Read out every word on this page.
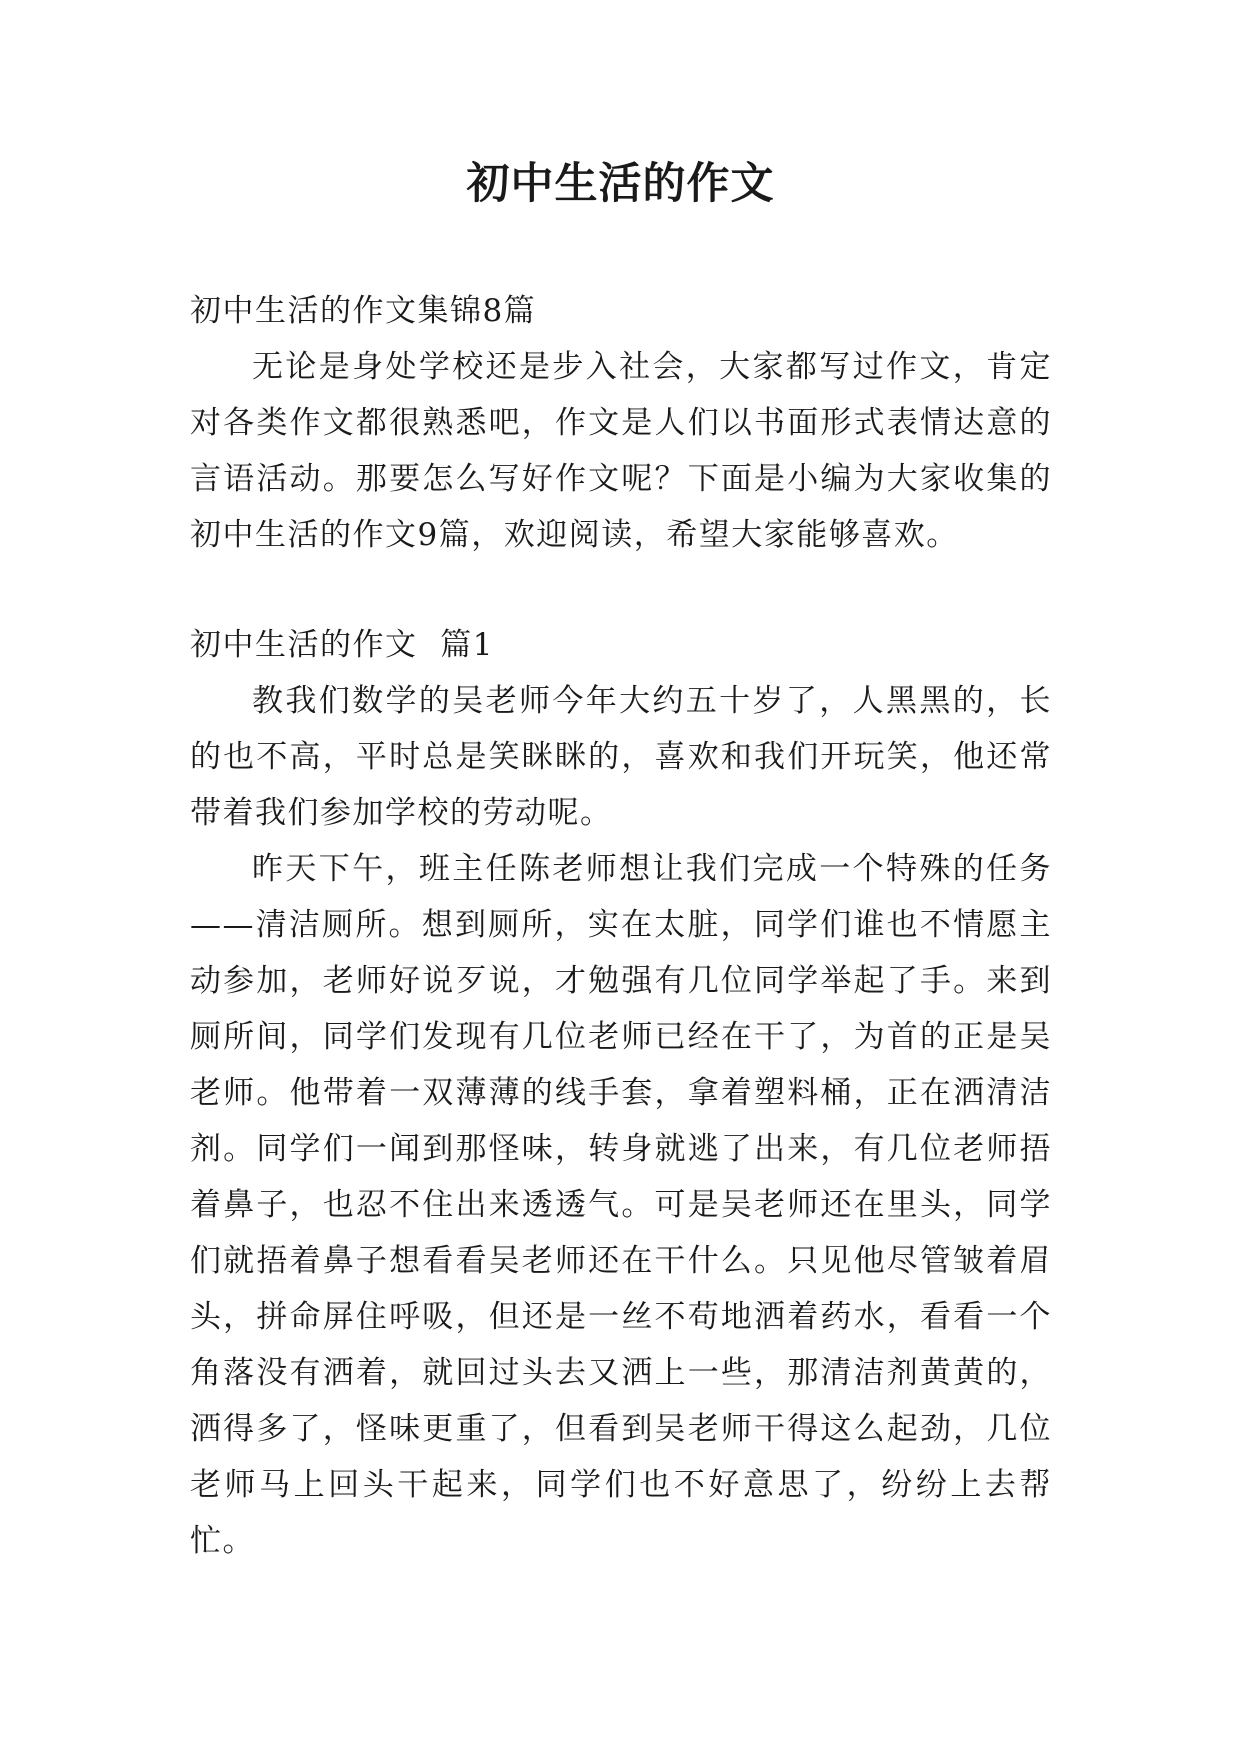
初中生活的作文

初中生活的作文集锦8篇

无论是身处学校还是步入社会，大家都写过作文，肯定对各类作文都很熟悉吧，作文是人们以书面形式表情达意的言语活动。那要怎么写好作文呢？下面是小编为大家收集的初中生活的作文9篇，欢迎阅读，希望大家能够喜欢。

初中生活的作文  篇1

教我们数学的吴老师今年大约五十岁了，人黑黑的，长的也不高，平时总是笑眯眯的，喜欢和我们开玩笑，他还常带着我们参加学校的劳动呢。

昨天下午，班主任陈老师想让我们完成一个特殊的任务——清洁厕所。想到厕所，实在太脏，同学们谁也不情愿主动参加，老师好说歹说，才勉强有几位同学举起了手。来到厕所间，同学们发现有几位老师已经在干了，为首的正是吴老师。他带着一双薄薄的线手套，拿着塑料桶，正在洒清洁剂。同学们一闻到那怪味，转身就逃了出来，有几位老师捂着鼻子，也忍不住出来透透气。可是吴老师还在里头，同学们就捂着鼻子想看看吴老师还在干什么。只见他尽管皱着眉头，拼命屏住呼吸，但还是一丝不苟地洒着药水，看看一个角落没有洒着，就回过头去又洒上一些，那清洁剂黄黄的，洒得多了，怪味更重了，但看到吴老师干得这么起劲，几位老师马上回头干起来，同学们也不好意思了，纷纷上去帮忙。
